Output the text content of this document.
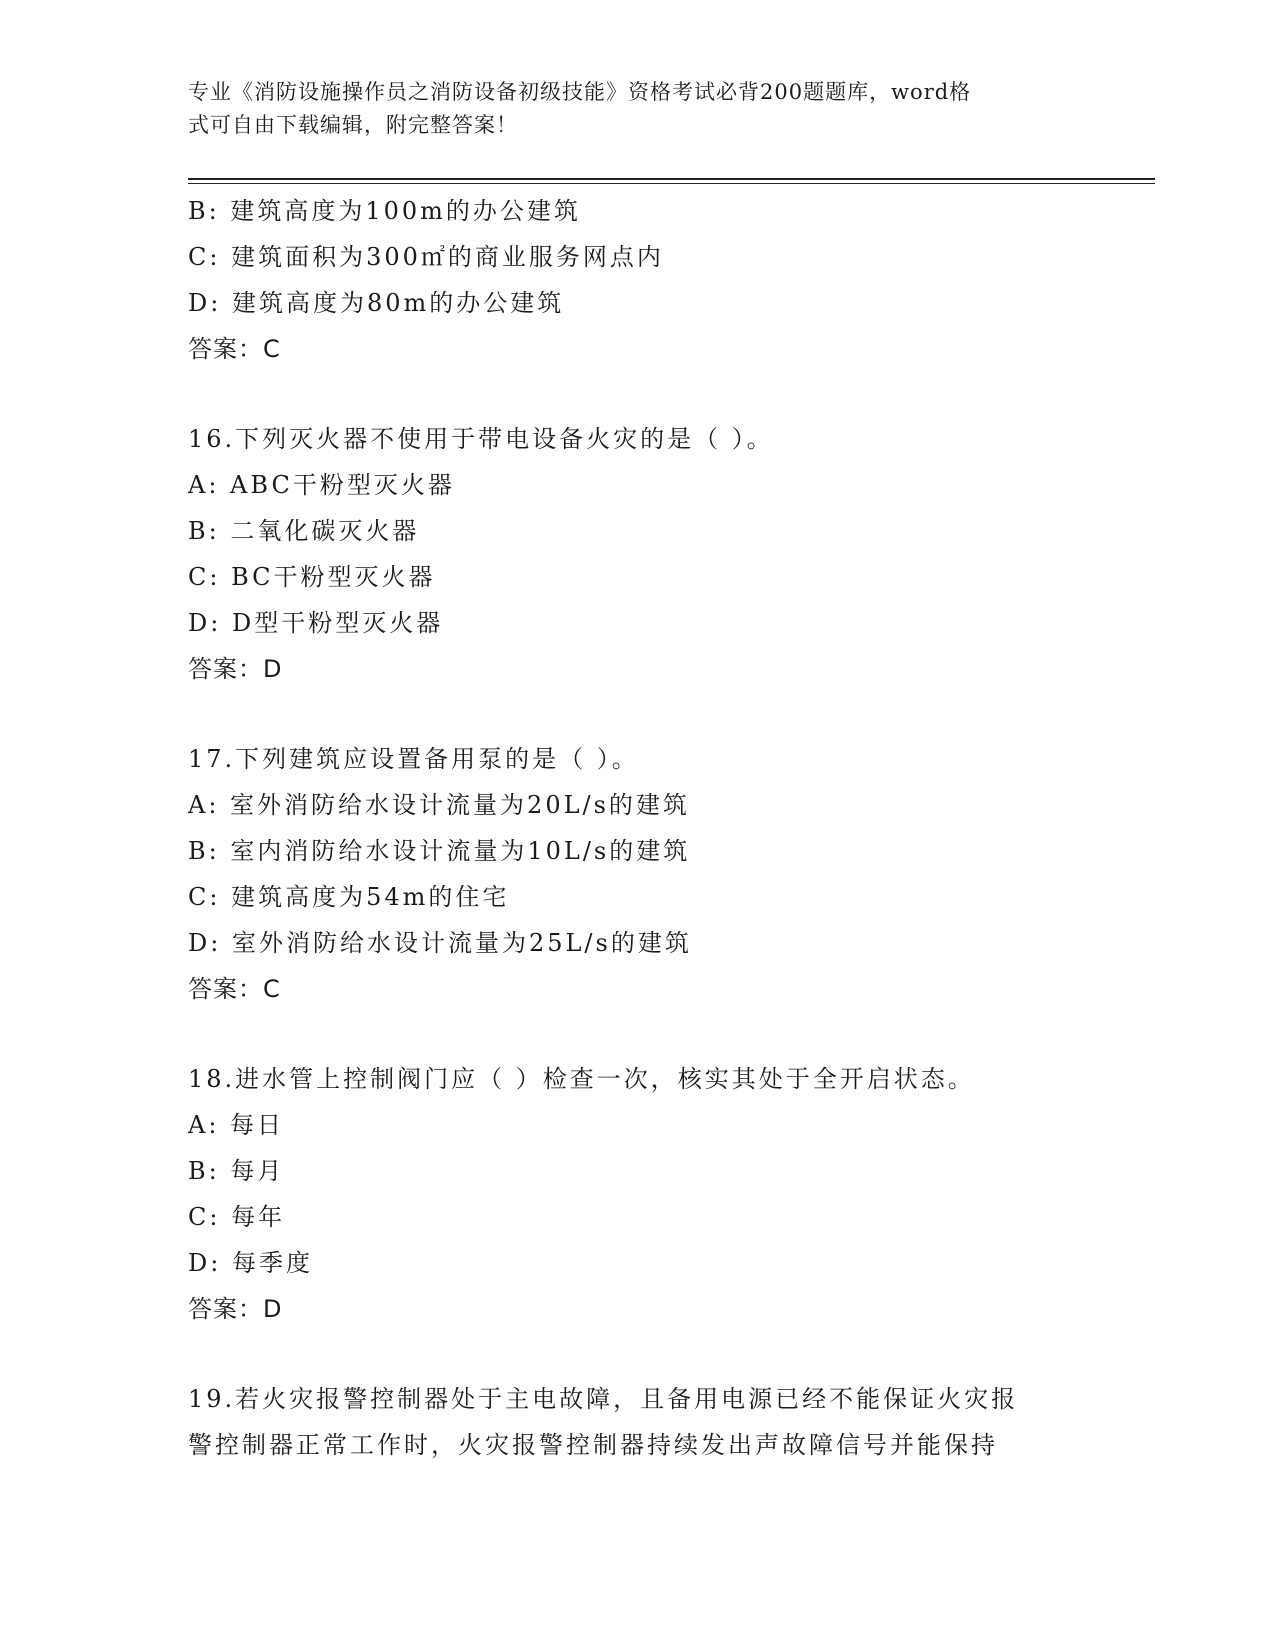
专业《消防设施操作员之消防设备初级技能》资格考试必背200题题库，word格
式可自由下载编辑，附完整答案！
B: 建筑高度为100m的办公建筑
C: 建筑面积为300㎡的商业服务网点内
D: 建筑高度为80m的办公建筑
答案：C
16.下列灭火器不使用于带电设备火灾的是（ ）。
A: ABC干粉型灭火器
B: 二氧化碳灭火器
C: BC干粉型灭火器
D: D型干粉型灭火器
答案：D
17.下列建筑应设置备用泵的是（ ）。
A: 室外消防给水设计流量为20L/s的建筑
B: 室内消防给水设计流量为10L/s的建筑
C: 建筑高度为54m的住宅
D: 室外消防给水设计流量为25L/s的建筑
答案：C
18.进水管上控制阀门应（ ）检查一次，核实其处于全开启状态。
A: 每日
B: 每月
C: 每年
D: 每季度
答案：D
19.若火灾报警控制器处于主电故障，且备用电源已经不能保证火灾报
警控制器正常工作时，火灾报警控制器持续发出声故障信号并能保持
